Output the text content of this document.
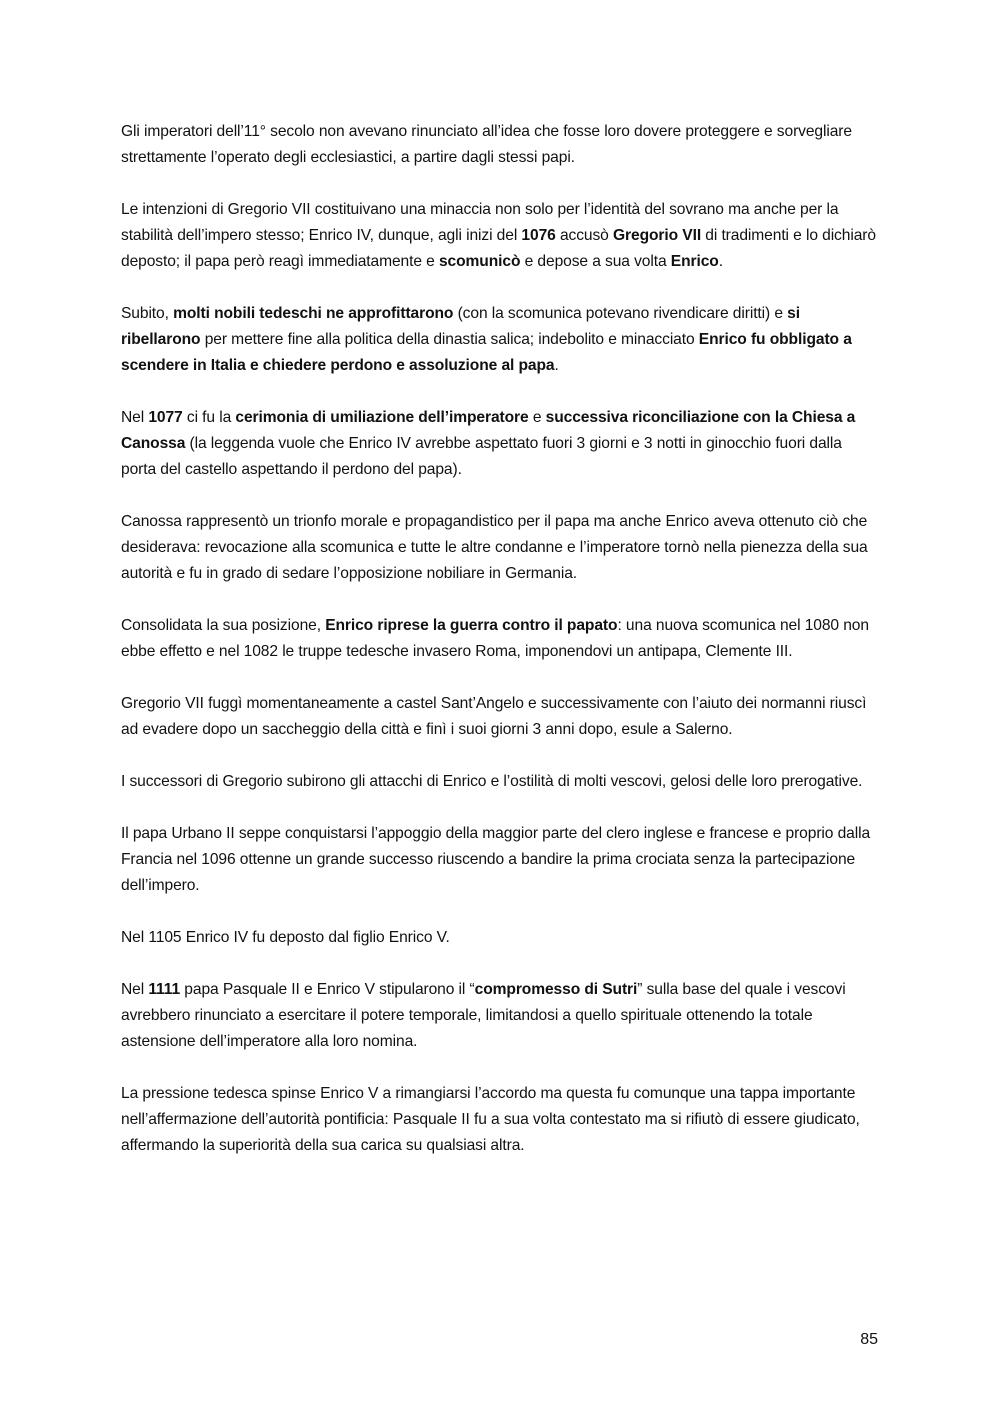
Gli imperatori dell’11° secolo non avevano rinunciato all’idea che fosse loro dovere proteggere e sorvegliare strettamente l’operato degli ecclesiastici, a partire dagli stessi papi.

Le intenzioni di Gregorio VII costituivano una minaccia non solo per l’identità del sovrano ma anche per la stabilità dell’impero stesso; Enrico IV, dunque, agli inizi del 1076 accusò Gregorio VII di tradimenti e lo dichiarò deposto; il papa però reagì immediatamente e scomunicò e depose a sua volta Enrico.

Subito, molti nobili tedeschi ne approfittarono (con la scomunica potevano rivendicare diritti) e si ribellarono per mettere fine alla politica della dinastia salica; indebolito e minacciato Enrico fu obbligato a scendere in Italia e chiedere perdono e assoluzione al papa.

Nel 1077 ci fu la cerimonia di umiliazione dell’imperatore e successiva riconciliazione con la Chiesa a Canossa (la leggenda vuole che Enrico IV avrebbe aspettato fuori 3 giorni e 3 notti in ginocchio fuori dalla porta del castello aspettando il perdono del papa).

Canossa rappresentò un trionfo morale e propagandistico per il papa ma anche Enrico aveva ottenuto ciò che desiderava: revocazione alla scomunica e tutte le altre condanne e l’imperatore tornò nella pienezza della sua autorità e fu in grado di sedare l’opposizione nobiliare in Germania.

Consolidata la sua posizione, Enrico riprese la guerra contro il papato: una nuova scomunica nel 1080 non ebbe effetto e nel 1082 le truppe tedesche invasero Roma, imponendovi un antipapa, Clemente III.

Gregorio VII fuggì momentaneamente a castel Sant’Angelo e successivamente con l’aiuto dei normanni riuscì ad evadere dopo un saccheggio della città e finì i suoi giorni 3 anni dopo, esule a Salerno.

I successori di Gregorio subirono gli attacchi di Enrico e l’ostilità di molti vescovi, gelosi delle loro prerogative.

Il papa Urbano II seppe conquistarsi l’appoggio della maggior parte del clero inglese e francese e proprio dalla Francia nel 1096 ottenne un grande successo riuscendo a bandire la prima crociata senza la partecipazione dell’impero.

Nel 1105 Enrico IV fu deposto dal figlio Enrico V.

Nel 1111 papa Pasquale II e Enrico V stipularono il “compromesso di Sutri” sulla base del quale i vescovi avrebbero rinunciato a esercitare il potere temporale, limitandosi a quello spirituale ottenendo la totale astensione dell’imperatore alla loro nomina.

La pressione tedesca spinse Enrico V a rimangiarsi l’accordo ma questa fu comunque una tappa importante nell’affermazione dell’autorità pontificia: Pasquale II fu a sua volta contestato ma si rifiutò di essere giudicato, affermando la superiorità della sua carica su qualsiasi altra.

85
